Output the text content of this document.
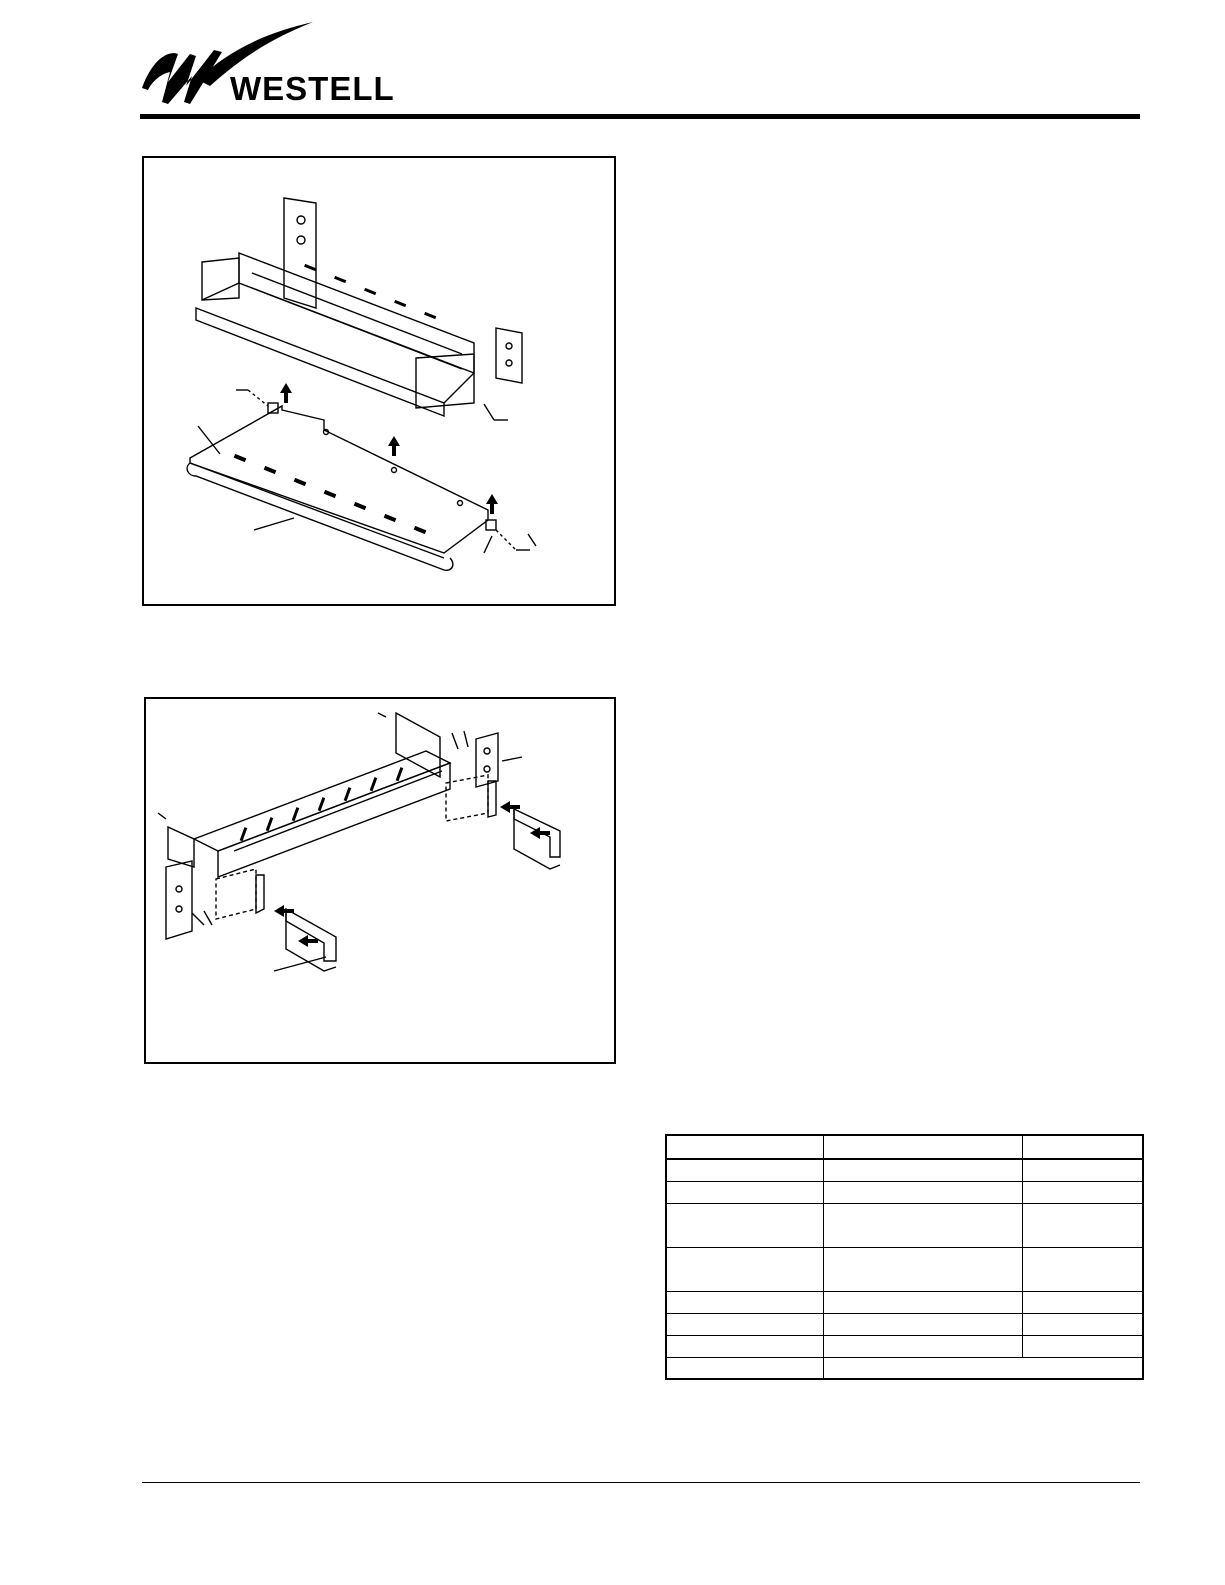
WESTELL
